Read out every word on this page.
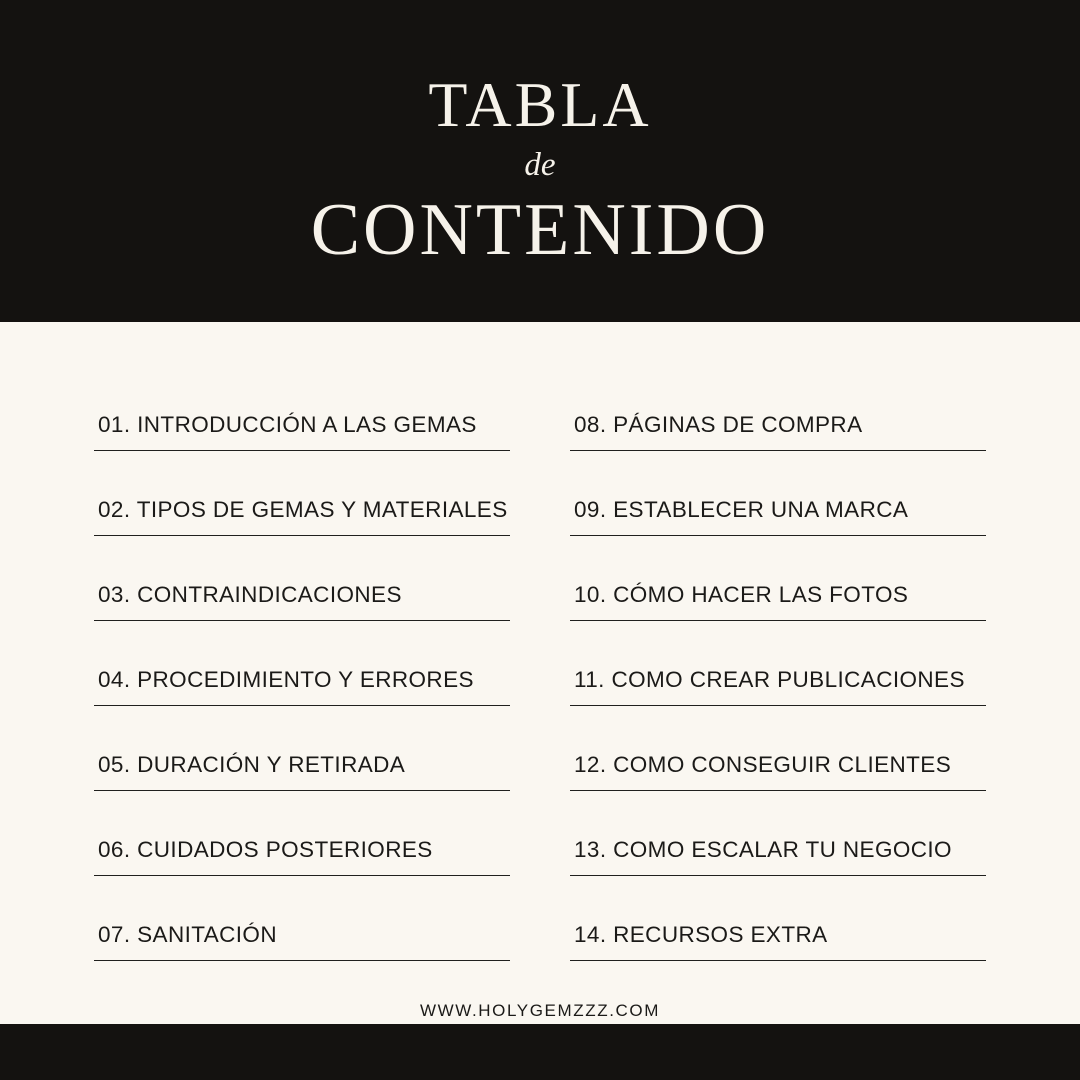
TABLA
de
CONTENIDO
01. INTRODUCCIÓN A LAS GEMAS
02. TIPOS DE GEMAS Y MATERIALES
03. CONTRAINDICACIONES
04. PROCEDIMIENTO Y ERRORES
05. DURACIÓN Y RETIRADA
06. CUIDADOS POSTERIORES
07. SANITACIÓN
08. PÁGINAS DE COMPRA
09. ESTABLECER UNA MARCA
10. CÓMO HACER LAS FOTOS
11. COMO CREAR PUBLICACIONES
12. COMO CONSEGUIR CLIENTES
13. COMO ESCALAR TU NEGOCIO
14. RECURSOS EXTRA
WWW.HOLYGEMZZZ.COM
